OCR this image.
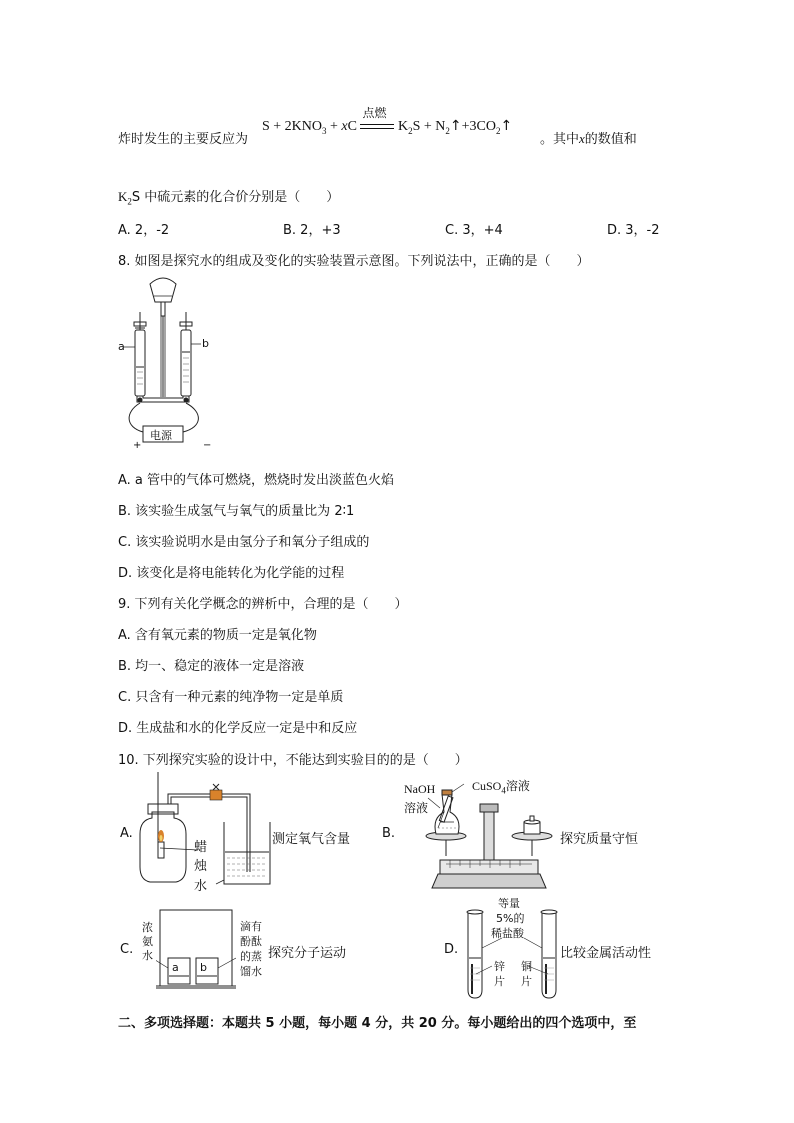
炸时发生的主要反应为
$S + 2KNO_3$ + xC
点燃
$K_2S$ + $N_2↑+3CO_2↑$
。其中x的数值和
$K_2S$ 中硫元素的化合价分别是（　　）
A. 2，-2	B. 2，+3	C. 3，+4	D. 3，-2
8. 如图是探究水的组成及变化的实验装置示意图。下列说法中，正确的是（　　）
a	b
电源
+	−
A. a 管中的气体可燃烧，燃烧时发出淡蓝色火焰
B. 该实验生成氢气与氧气的质量比为 2∶1
C. 该实验说明水是由氢分子和氧分子组成的
D. 该变化是将电能转化为化学能的过程
9. 下列有关化学概念的辨析中，合理的是（　　）
A. 含有氧元素的物质一定是氧化物
B. 均一、稳定的液体一定是溶液
C. 只含有一种元素的纯净物一定是单质
D. 生成盐和水的化学反应一定是中和反应
10. 下列探究实验的设计中，不能达到实验目的的是（　　）
A.
蜡
烛
水
测定氧气含量 B.
NaOH
溶液
CuSO$_4$溶液
探究质量守恒
C.
浓
氨
水
a b
滴有
酚酞
的蒸
馏水
探究分子运动	D.
等量
5%的
稀盐酸
锌
片
铜
片
比较金属活动性
二、多项选择题：本题共 5 小题，每小题 4 分，共 20 分。每小题给出的四个选项中，至
